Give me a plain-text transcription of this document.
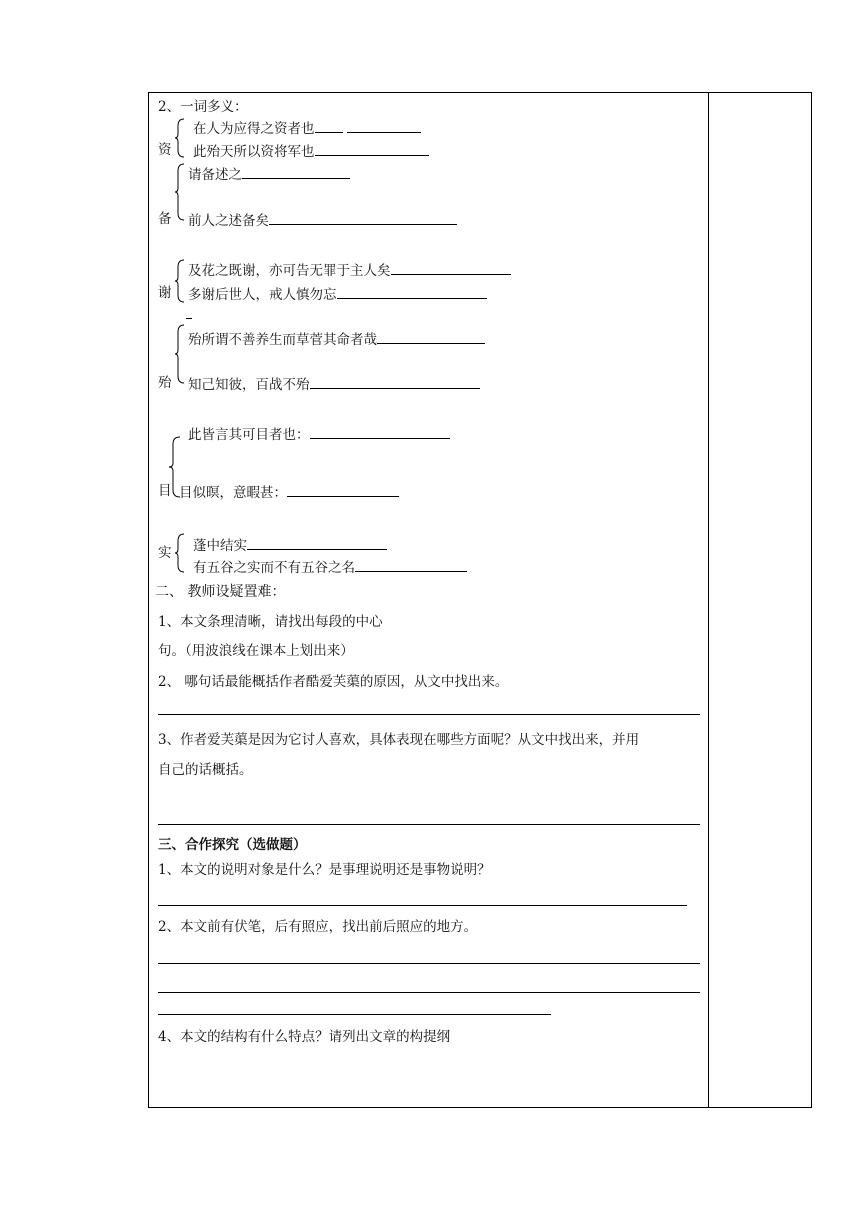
2、一词多义：
资
在人为应得之资者也
此殆天所以资将军也
备
请备述之
前人之述备矣
谢
及花之既谢，亦可告无罪于主人矣
多谢后世人，戒人慎勿忘
殆
殆所谓不善养生而草菅其命者哉
知己知彼，百战不殆
目
此皆言其可目者也：
目似暝，意暇甚：
实 蓬中结实
有五谷之实而不有五谷之名
二、 教师设疑置难：
1、本文条理清晰，请找出每段的中心
句。（用波浪线在课本上划出来）
2、 哪句话最能概括作者酷爱芙蕖的原因，从文中找出来。
3、作者爱芙蕖是因为它讨人喜欢，具体表现在哪些方面呢？从文中找出来，并用
自己的话概括。
三、合作探究（选做题）
1、本文的说明对象是什么？是事理说明还是事物说明？
2、本文前有伏笔，后有照应，找出前后照应的地方。
4、本文的结构有什么特点？请列出文章的构提纲
